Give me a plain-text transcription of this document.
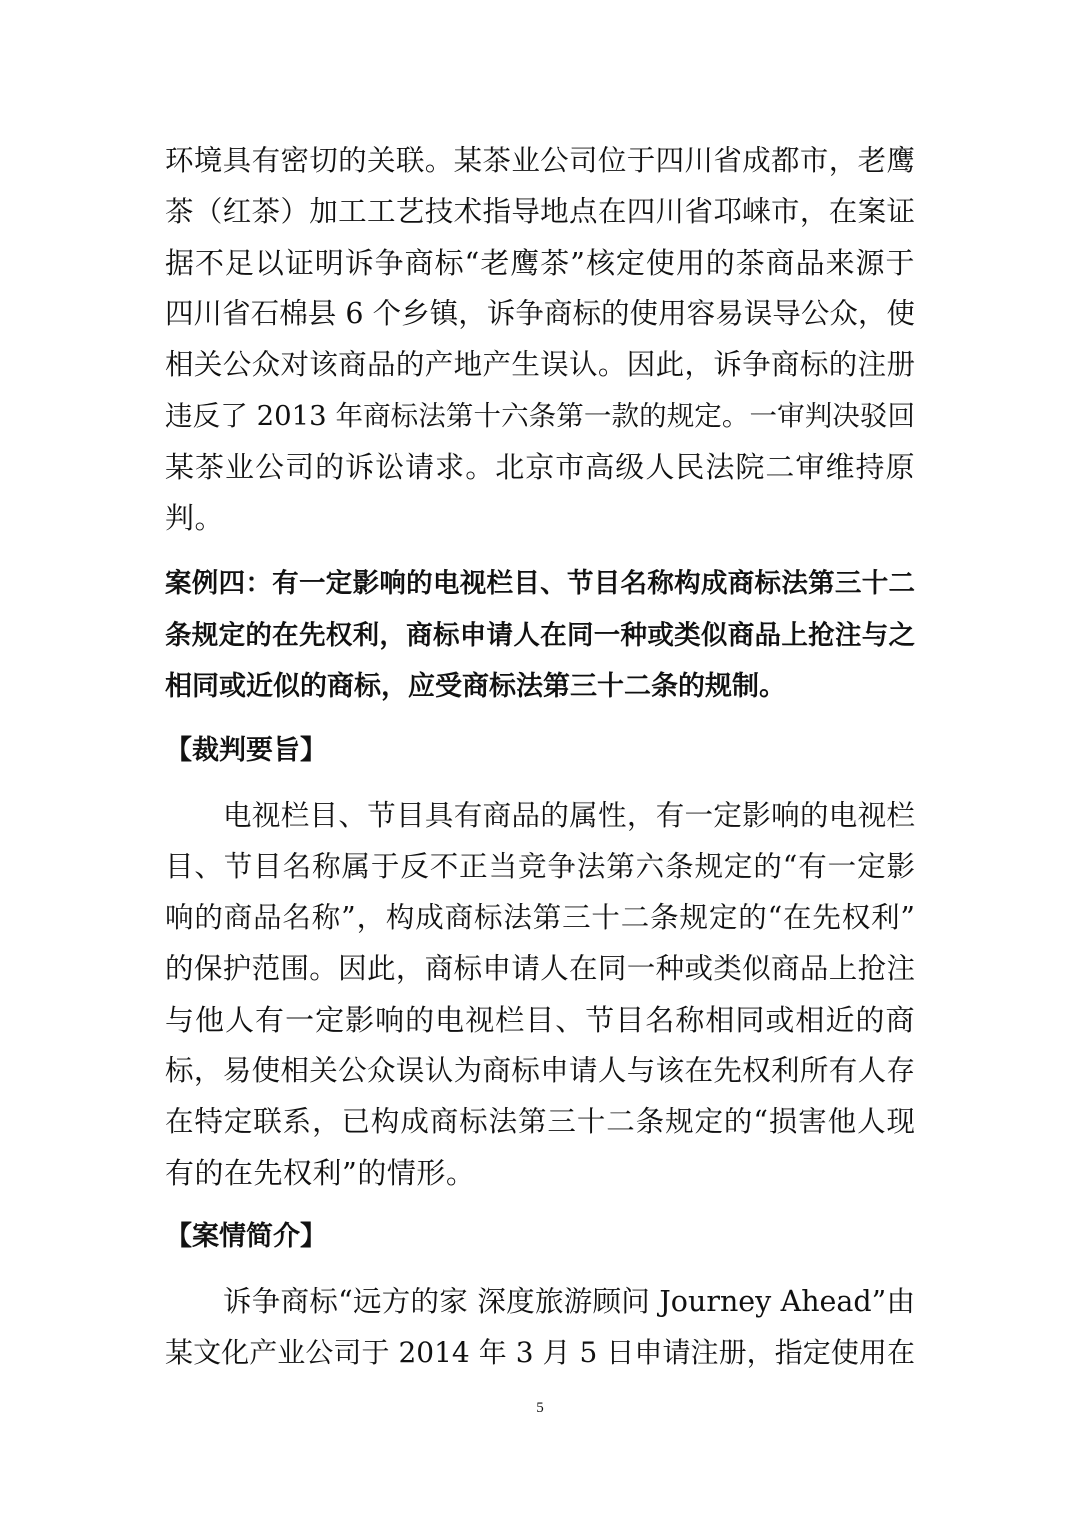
环境具有密切的关联。某茶业公司位于四川省成都市，老鹰
茶（红茶）加工工艺技术指导地点在四川省邛崃市，在案证
据不足以证明诉争商标“老鹰茶”核定使用的茶商品来源于
四川省石棉县 6 个乡镇，诉争商标的使用容易误导公众，使
相关公众对该商品的产地产生误认。因此，诉争商标的注册
违反了 2013 年商标法第十六条第一款的规定。一审判决驳回
某茶业公司的诉讼请求。北京市高级人民法院二审维持原
判。
案例四：有一定影响的电视栏目、节目名称构成商标法第三十二
条规定的在先权利，商标申请人在同一种或类似商品上抢注与之
相同或近似的商标，应受商标法第三十二条的规制。
【裁判要旨】
电视栏目、节目具有商品的属性，有一定影响的电视栏
目、节目名称属于反不正当竞争法第六条规定的“有一定影
响的商品名称”，构成商标法第三十二条规定的“在先权利”
的保护范围。因此，商标申请人在同一种或类似商品上抢注
与他人有一定影响的电视栏目、节目名称相同或相近的商
标，易使相关公众误认为商标申请人与该在先权利所有人存
在特定联系，已构成商标法第三十二条规定的“损害他人现
有的在先权利”的情形。
【案情简介】
诉争商标“远方的家 深度旅游顾问 Journey Ahead”由
某文化产业公司于 2014 年 3 月 5 日申请注册，指定使用在
5
